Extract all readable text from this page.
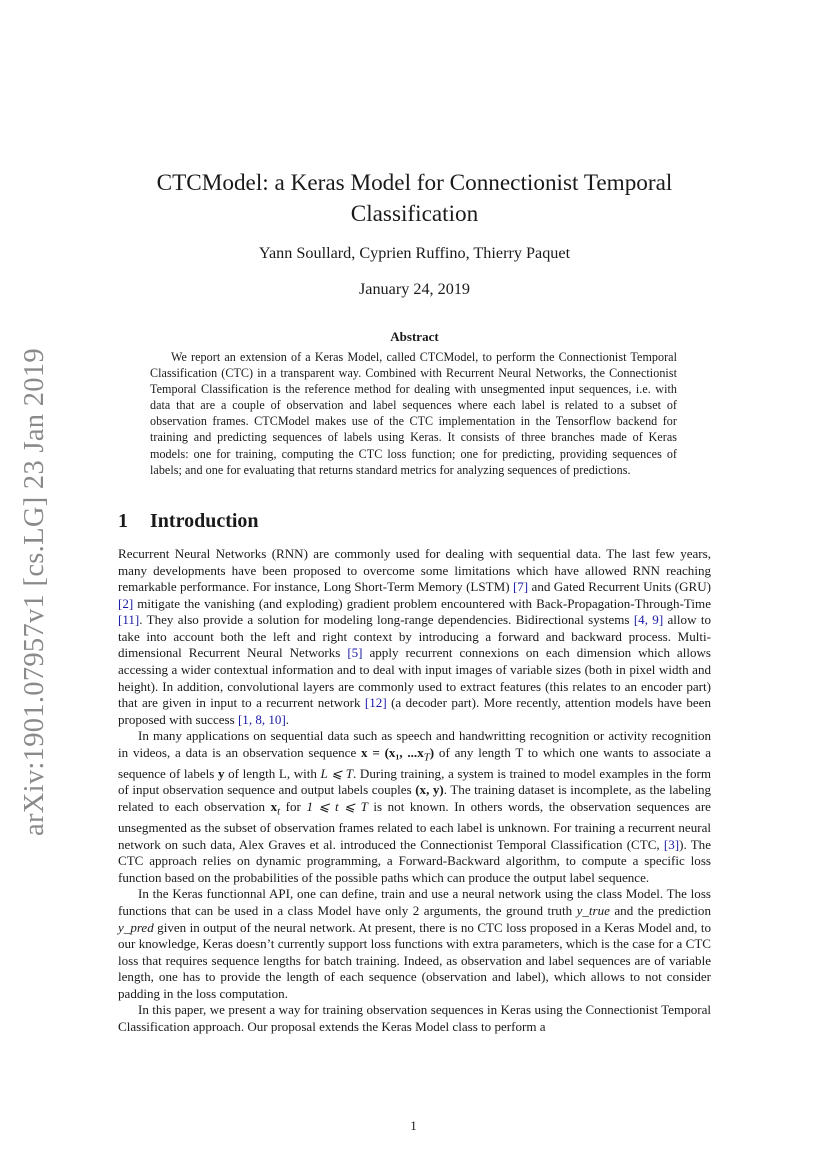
arXiv:1901.07957v1 [cs.LG] 23 Jan 2019
CTCModel: a Keras Model for Connectionist Temporal Classification
Yann Soullard, Cyprien Ruffino, Thierry Paquet
January 24, 2019
Abstract

We report an extension of a Keras Model, called CTCModel, to perform the Connectionist Temporal Classification (CTC) in a transparent way. Combined with Recurrent Neural Networks, the Connectionist Temporal Classification is the reference method for dealing with unsegmented input sequences, i.e. with data that are a couple of observation and label sequences where each label is related to a subset of observation frames. CTCModel makes use of the CTC implementation in the Tensorflow backend for training and predicting sequences of labels using Keras. It consists of three branches made of Keras models: one for training, computing the CTC loss function; one for predicting, providing sequences of labels; and one for evaluating that returns standard metrics for analyzing sequences of predictions.

1 Introduction

Recurrent Neural Networks (RNN) are commonly used for dealing with sequential data. The last few years, many developments have been proposed to overcome some limitations which have allowed RNN reaching remarkable performance. For instance, Long Short-Term Memory (LSTM) [7] and Gated Recurrent Units (GRU) [2] mitigate the vanishing (and exploding) gradient problem encountered with Back-Propagation-Through-Time [11]. They also provide a solution for modeling long-range dependencies. Bidirectional systems [4, 9] allow to take into account both the left and right context by introducing a forward and backward process. Multi-dimensional Recurrent Neural Networks [5] apply recurrent connexions on each dimension which allows accessing a wider contextual information and to deal with input images of variable sizes (both in pixel width and height). In addition, convolutional layers are commonly used to extract features (this relates to an encoder part) that are given in input to a recurrent network [12] (a decoder part). More recently, attention models have been proposed with success [1, 8, 10].

In many applications on sequential data such as speech and handwritting recognition or activity recognition in videos, a data is an observation sequence x = (x₁, $...x_T$) of any length T to which one wants to associate a sequence of labels y of length L, with L ⩽ T. During training, a system is trained to model examples in the form of input observation sequence and output labels couples (x, y). The training dataset is incomplete, as the labeling related to each observation $x_t$ for 1 ⩽ t ⩽ T is not known. In others words, the observation sequences are unsegmented as the subset of observation frames related to each label is unknown. For training a recurrent neural network on such data, Alex Graves et al. introduced the Connectionist Temporal Classification (CTC, [3]). The CTC approach relies on dynamic programming, a Forward-Backward algorithm, to compute a specific loss function based on the probabilities of the possible paths which can produce the output label sequence.

In the Keras functionnal API, one can define, train and use a neural network using the class Model. The loss functions that can be used in a class Model have only 2 arguments, the ground truth y_true and the prediction y_pred given in output of the neural network. At present, there is no CTC loss proposed in a Keras Model and, to our knowledge, Keras doesn’t currently support loss functions with extra parameters, which is the case for a CTC loss that requires sequence lengths for batch training. Indeed, as observation and label sequences are of variable length, one has to provide the length of each sequence (observation and label), which allows to not consider padding in the loss computation.

In this paper, we present a way for training observation sequences in Keras using the Connectionist Temporal Classification approach. Our proposal extends the Keras Model class to perform a

1
